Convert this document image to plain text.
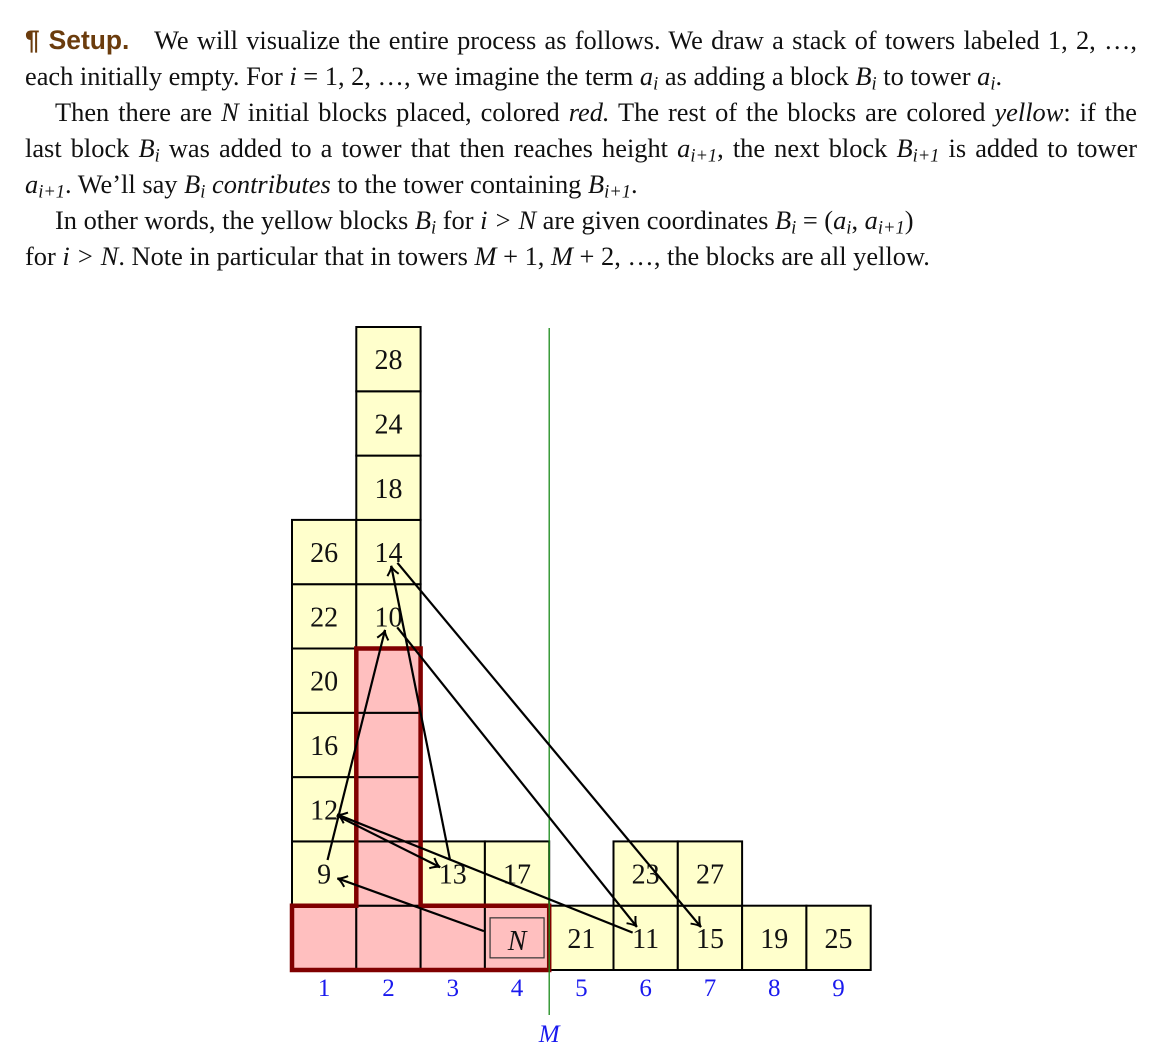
¶ Setup. We will visualize the entire process as follows. We draw a stack of towers labeled 1, 2, …, each initially empty. For i = 1, 2, …, we imagine the term $a_i$ as adding a block $B_i$ to tower $a_i$.

Then there are N initial blocks placed, colored red. The rest of the blocks are colored yellow: if the last block $B_i$ was added to a tower that then reaches height $a_{i+1}$, the next block $B_{i+1}$ is added to tower $a_{i+1}$. We’ll say $B_i$ contributes to the tower containing $B_{i+1}$.

In other words, the yellow blocks $B_i$ for i > N are given coordinates $B_i = (a_i$, $a_{i+1}$)
for i > N. Note in particular that in towers M + 1, M + 2, …, the blocks are all yellow.

N
9
12
16
20
22
26
10
14
18
24
28
13 17
21 11
23
15
27
19 25
M
1 2 3 4 5 6 7 8 9
